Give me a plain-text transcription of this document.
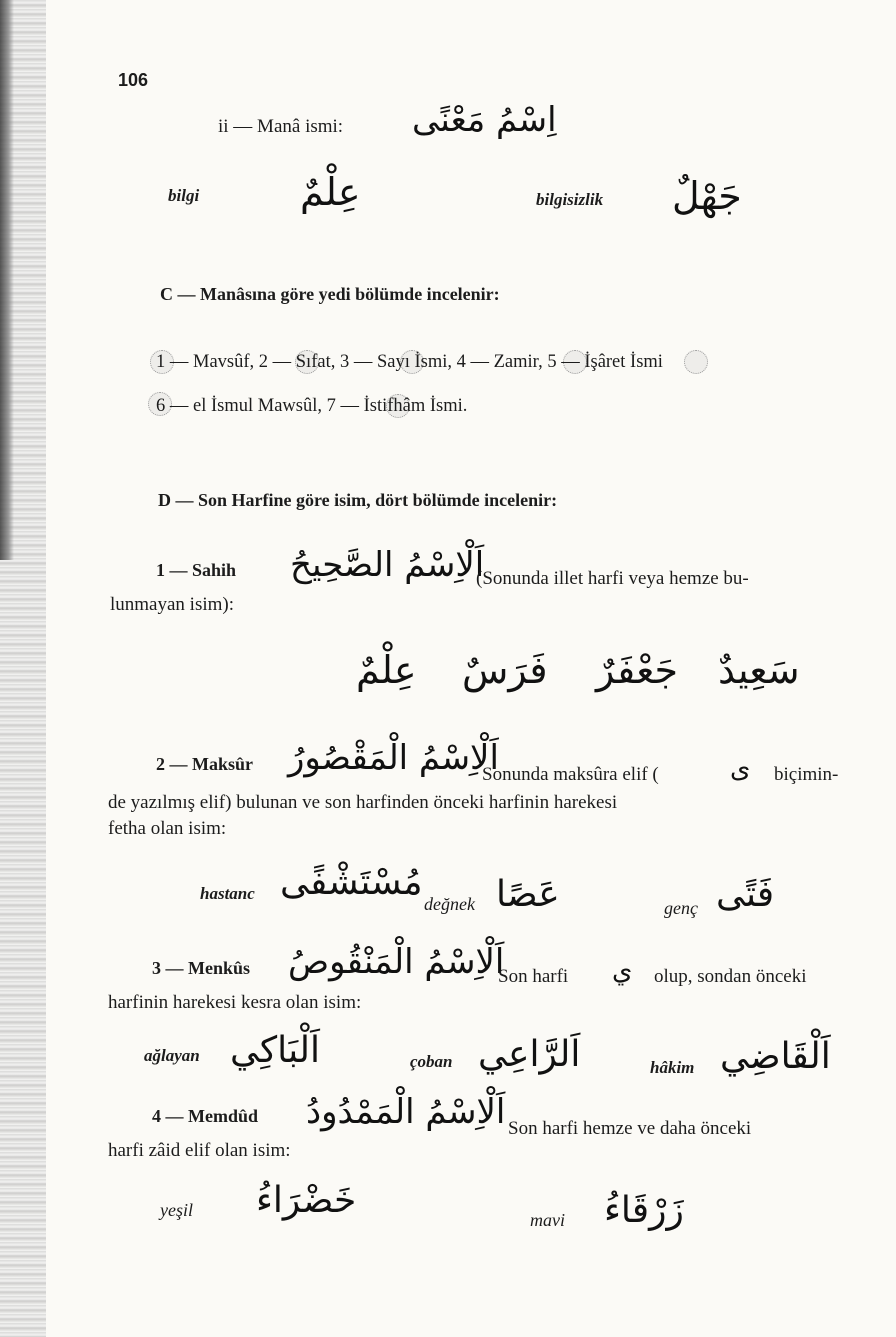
106
ii — Manâ ismi: اِسْمُ مَعْنًى
bilgi	عِلْمٌ	bilgisizlik جَهْلٌ
C — Manâsına göre yedi bölümde incelenir:
1 — Mavsûf, 2 — Sıfat, 3 — Sayı İsmi, 4 — Zamir, 5 — İşâret İsmi
6 — el İsmul Mawsûl, 7 — İstifhâm İsmi.
D — Son Harfine göre isim, dört bölümde incelenir:
1 — Sahih اَلْاِسْمُ الصَّحِيحُ
(Sonunda illet harfi veya hemze bu-
lunmayan isim):
سَعِيدٌ
جَعْفَرٌ
فَرَسٌ
عِلْمٌ
2 — Maksûr اَلْاِسْمُ الْمَقْصُورُ
Sonunda maksûra elif (	ى biçimin-
de yazılmış elif) bulunan ve son harfinden önceki harfinin harekesi
fetha olan isim:
hastanc مُسْتَشْفًى
değnek عَصًا	genç فَتًى
3 — Menkûs اَلْاِسْمُ الْمَنْقُوصُ
Son harfi ي olup, sondan önceki
harfinin harekesi kesra olan isim:
ağlayan اَلْبَاكِي	çoban اَلرَّاعِي	hâkim اَلْقَاضِي
4 — Memdûd اَلْاِسْمُ الْمَمْدُودُ Son harfi hemze ve daha önceki
harfi zâid elif olan isim:
yeşil خَضْرَاءُ	mavi زَرْقَاءُ
